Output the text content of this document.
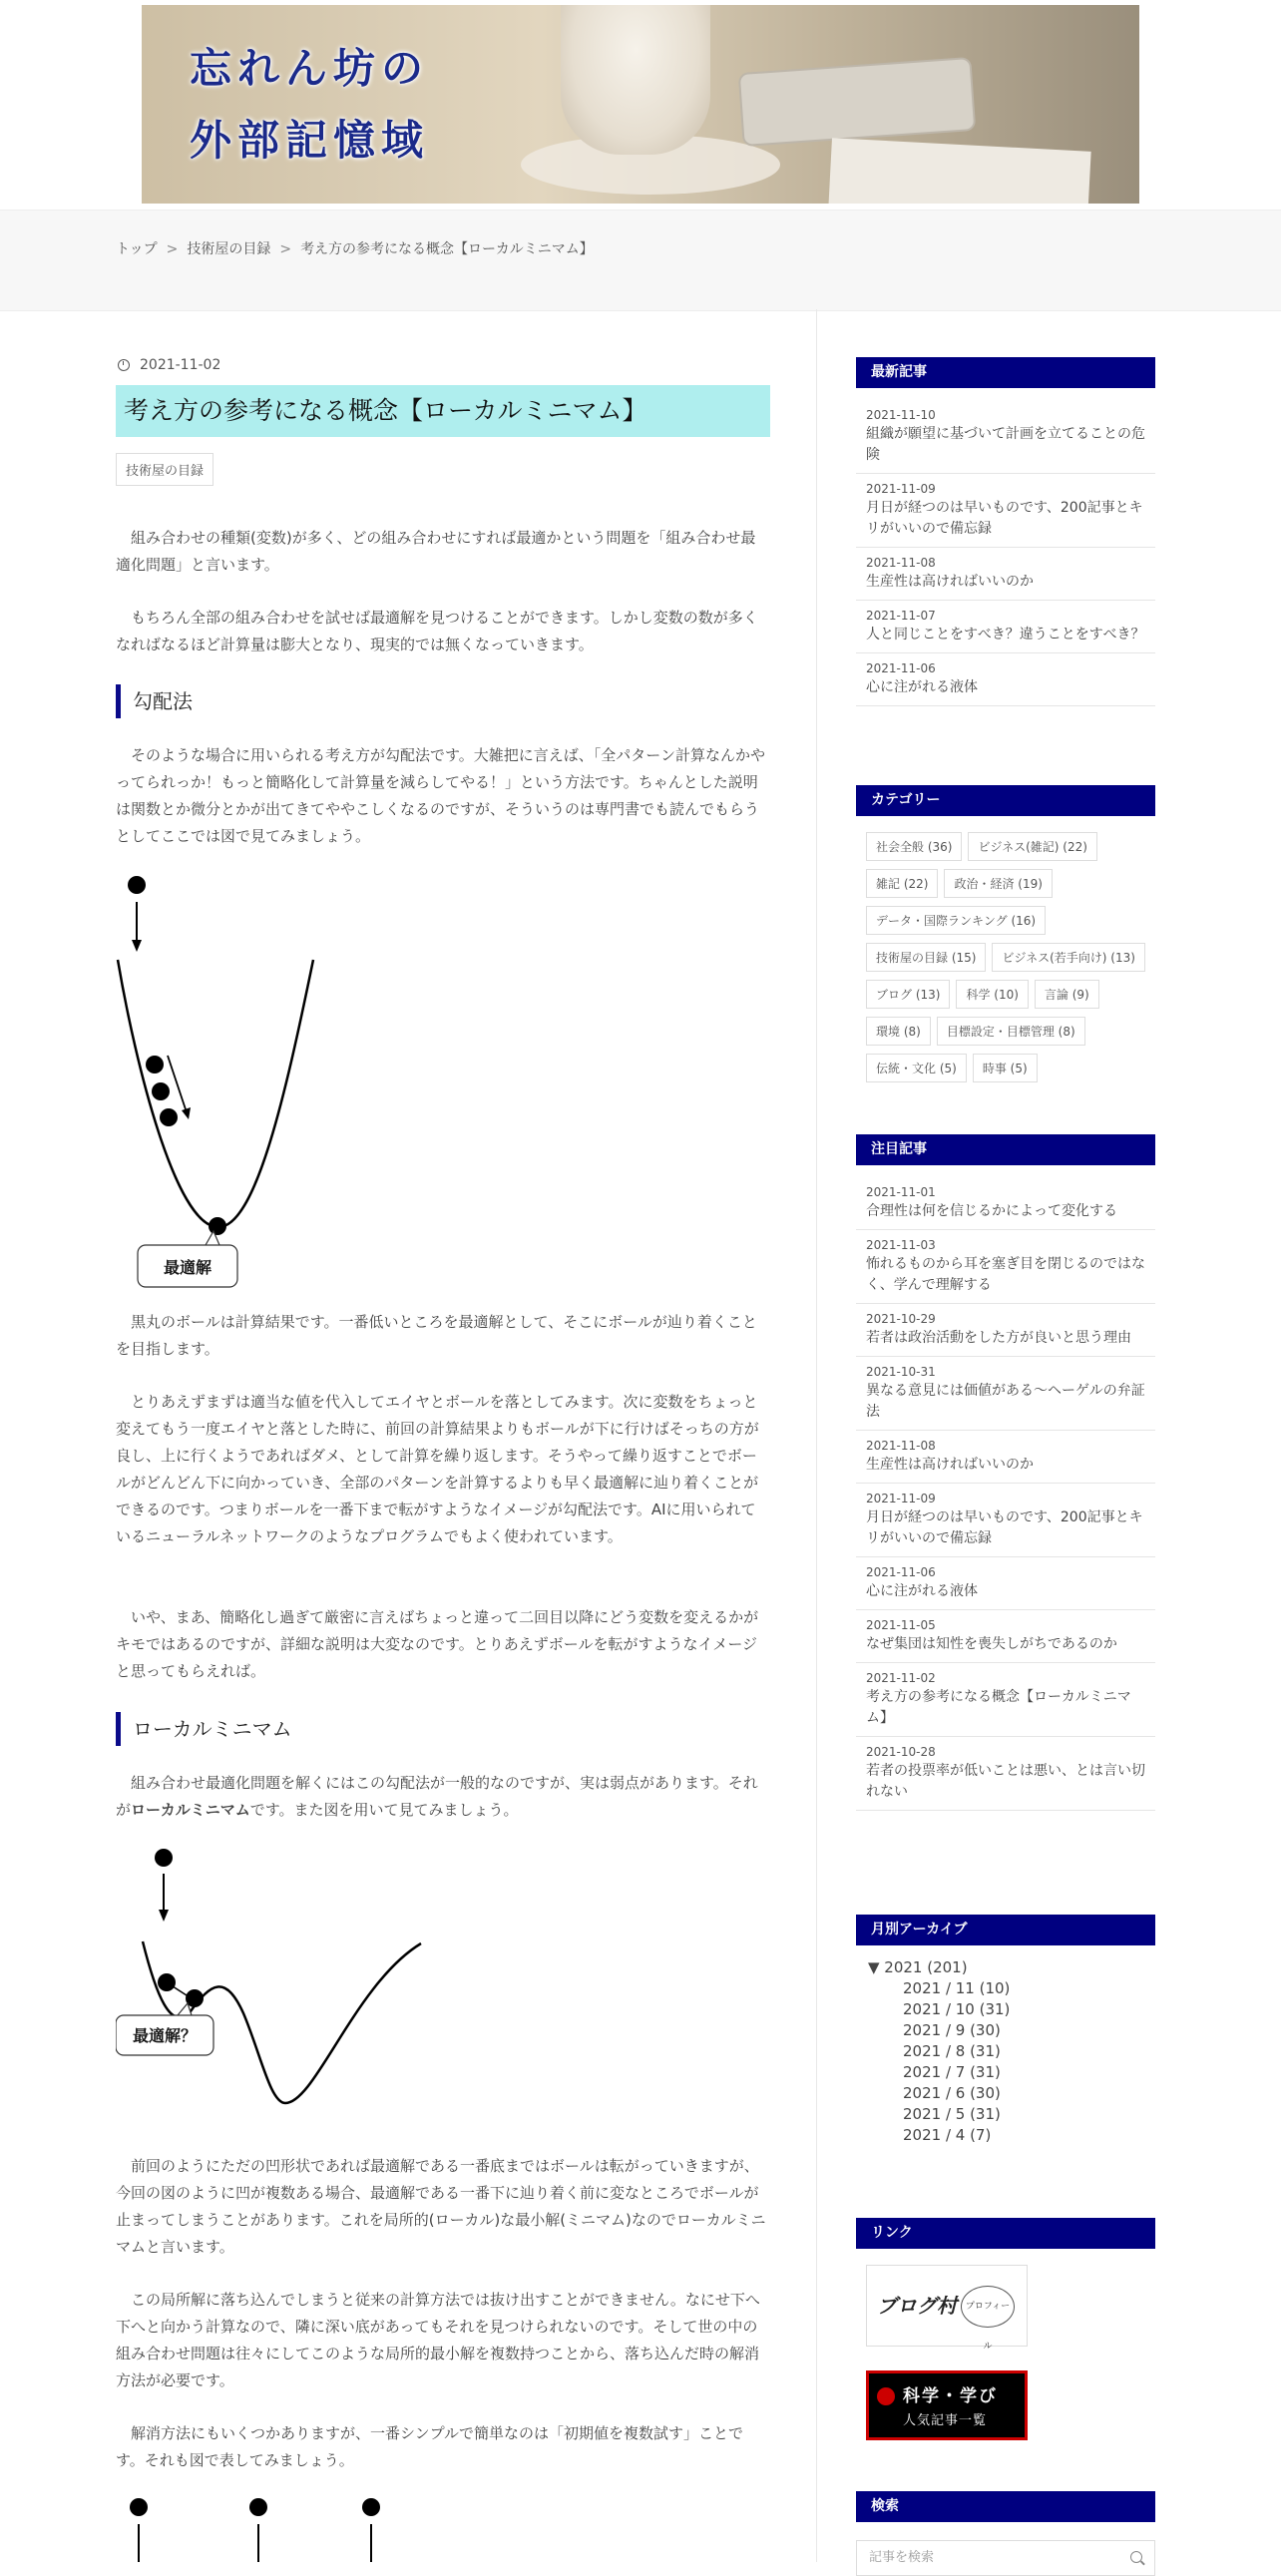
忘れん坊の
外部記憶域
トップ > 技術屋の目録 > 考え方の参考になる概念【ローカルミニマム】
2021-11-02
考え方の参考になる概念【ローカルミニマム】
技術屋の目録

組み合わせの種類(変数)が多く、どの組み合わせにすれば最適かという問題を「組み合わせ最適化問題」と言います。

もちろん全部の組み合わせを試せば最適解を見つけることができます。しかし変数の数が多くなればなるほど計算量は膨大となり、現実的では無くなっていきます。

勾配法

そのような場合に用いられる考え方が勾配法です。大雑把に言えば、「全パターン計算なんかやってられっか！もっと簡略化して計算量を減らしてやる！」という方法です。ちゃんとした説明は関数とか微分とかが出てきてややこしくなるのですが、そういうのは専門書でも読んでもらうとしてここでは図で見てみましょう。

最適解

黒丸のボールは計算結果です。一番低いところを最適解として、そこにボールが辿り着くことを目指します。

とりあえずまずは適当な値を代入してエイヤとボールを落としてみます。次に変数をちょっと変えてもう一度エイヤと落とした時に、前回の計算結果よりもボールが下に行けばそっちの方が良し、上に行くようであればダメ、として計算を繰り返します。そうやって繰り返すことでボールがどんどん下に向かっていき、全部のパターンを計算するよりも早く最適解に辿り着くことができるのです。つまりボールを一番下まで転がすようなイメージが勾配法です。AIに用いられているニューラルネットワークのようなプログラムでもよく使われています。

いや、まあ、簡略化し過ぎて厳密に言えばちょっと違って二回目以降にどう変数を変えるかがキモではあるのですが、詳細な説明は大変なのです。とりあえずボールを転がすようなイメージと思ってもらえれば。

ローカルミニマム

組み合わせ最適化問題を解くにはこの勾配法が一般的なのですが、実は弱点があります。それがローカルミニマムです。また図を用いて見てみましょう。

最適解？

前回のようにただの凹形状であれば最適解である一番底まではボールは転がっていきますが、今回の図のように凹が複数ある場合、最適解である一番下に辿り着く前に変なところでボールが止まってしまうことがあります。これを局所的(ローカル)な最小解(ミニマム)なのでローカルミニマムと言います。

この局所解に落ち込んでしまうと従来の計算方法では抜け出すことができません。なにせ下へ下へと向かう計算なので、隣に深い底があってもそれを見つけられないのです。そして世の中の組み合わせ問題は往々にしてこのような局所的最小解を複数持つことから、落ち込んだ時の解消方法が必要です。

解消方法にもいくつかありますが、一番シンプルで簡単なのは「初期値を複数試す」ことです。それも図で表してみましょう。

最新記事
2021-11-10
組織が願望に基づいて計画を立てることの危険
2021-11-09
月日が経つのは早いものです、200記事とキリがいいので備忘録
2021-11-08
生産性は高ければいいのか
2021-11-07
人と同じことをすべき？違うことをすべき？
2021-11-06
心に注がれる液体
カテゴリー
社会全般 (36)	ビジネス(雑記) (22)
雑記 (22)	政治・経済 (19)
データ・国際ランキング (16)
技術屋の目録 (15)	ビジネス(若手向け) (13)
ブログ (13)	科学 (10)	言論 (9)
環境 (8)	目標設定・目標管理 (8)
伝統・文化 (5)	時事 (5)
注目記事
2021-11-01
合理性は何を信じるかによって変化する
2021-11-03
怖れるものから耳を塞ぎ目を閉じるのではなく、学んで理解する
2021-10-29
若者は政治活動をした方が良いと思う理由
2021-10-31
異なる意見には価値がある～ヘーゲルの弁証法
2021-11-08
生産性は高ければいいのか
2021-11-09
月日が経つのは早いものです、200記事とキリがいいので備忘録
2021-11-06
心に注がれる液体
2021-11-05
なぜ集団は知性を喪失しがちであるのか
2021-11-02
考え方の参考になる概念【ローカルミニマム】
2021-10-28
若者の投票率が低いことは悪い、とは言い切れない
月別アーカイブ
▼ 2021 (201)
2021 / 11 (10)
2021 / 10 (31)
2021 / 9 (30)
2021 / 8 (31)
2021 / 7 (31)
2021 / 6 (30)
2021 / 5 (31)
2021 / 4 (7)
リンク
ブログ村 プロフィール
科学・学び
人気記事一覧
検索
記事を検索
